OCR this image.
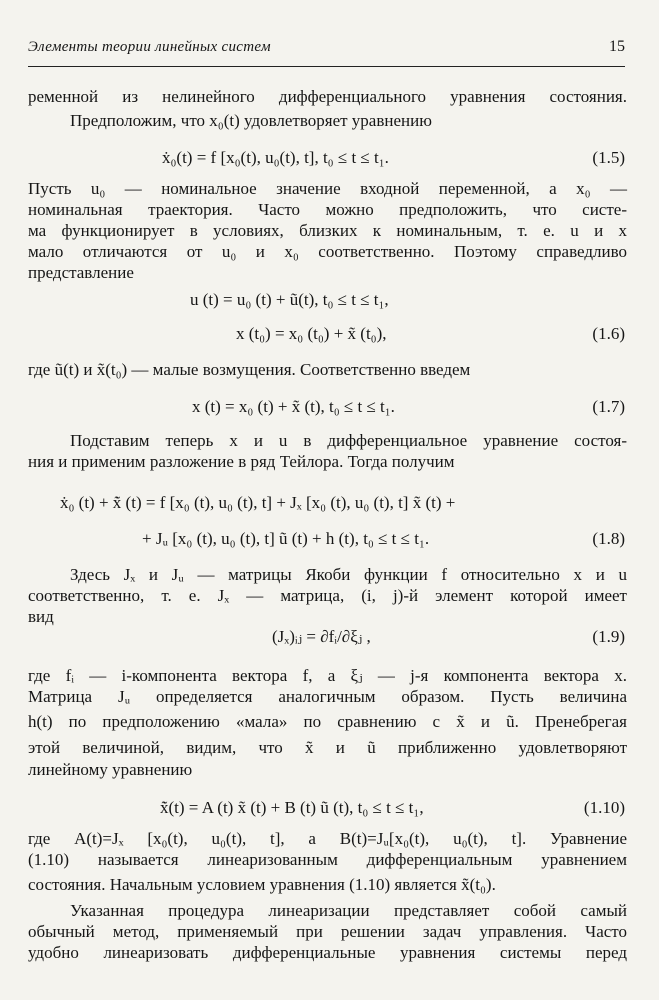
Элементы теории линейных систем	15
ременной из нелинейного дифференциального уравнения состояния.
Предположим, что x₀(t) удовлетворяет уравнению
ẋ₀(t) = f [x₀(t), u₀(t), t], t₀ ≤ t ≤ t₁.	(1.5)
Пусть u₀ — номинальное значение входной переменной, а x₀ —
номинальная траектория. Часто можно предположить, что систе-
ма функционирует в условиях, близких к номинальным, т. е. u и x
мало отличаются от u₀ и x₀ соответственно. Поэтому справедливо
представление
u (t) = u₀ (t) + ũ(t), t₀ ≤ t ≤ t₁,
x (t₀) = x₀ (t₀) + x̃ (t₀),	(1.6)
где ũ(t) и x̃(t₀) — малые возмущения. Соответственно введем
x (t) = x₀ (t) + x̃ (t), t₀ ≤ t ≤ t₁.	(1.7)
Подставим теперь x и u в дифференциальное уравнение состоя-
ния и применим разложение в ряд Тейлора. Тогда получим
ẋ₀ (t) + x̃̇ (t) = f [x₀ (t), u₀ (t), t] + Jₓ [x₀ (t), u₀ (t), t] x̃ (t) +
+ Jᵤ [x₀ (t), u₀ (t), t] ũ (t) + h (t), t₀ ≤ t ≤ t₁.	(1.8)
Здесь Jₓ и Jᵤ — матрицы Якоби функции f относительно x и u
соответственно, т. е. Jₓ — матрица, (i, j)-й элемент которой имеет
вид
(Jₓ)ᵢⱼ = ∂fᵢ/∂ξⱼ ,	(1.9)
где fᵢ — i-компонента вектора f, а ξⱼ — j-я компонента вектора x.
Матрица Jᵤ определяется аналогичным образом. Пусть величина
h(t) по предположению «мала» по сравнению с x̃ и ũ. Пренебрегая
этой величиной, видим, что x̃ и ũ приближенно удовлетворяют
линейному уравнению
x̃̇(t) = A (t) x̃ (t) + B (t) ũ (t), t₀ ≤ t ≤ t₁,	(1.10)
где A(t)=Jₓ [x₀(t), u₀(t), t], а B(t)=Jᵤ[x₀(t), u₀(t), t]. Уравнение
(1.10) называется линеаризованным дифференциальным уравнением
состояния. Начальным условием уравнения (1.10) является x̃(t₀).
Указанная процедура линеаризации представляет собой самый
обычный метод, применяемый при решении задач управления. Часто
удобно линеаризовать дифференциальные уравнения системы перед
